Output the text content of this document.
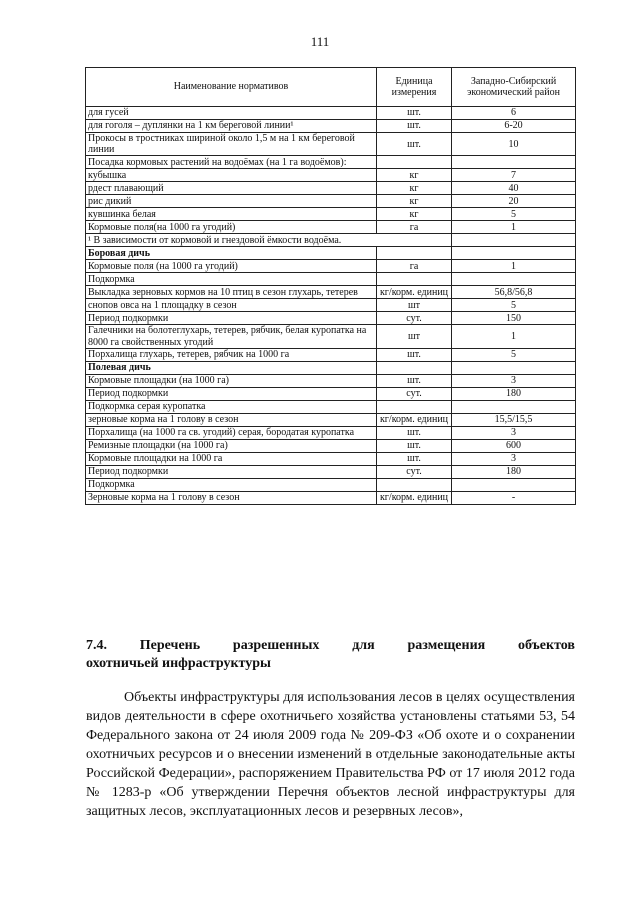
111
Наименование нормативов	Единица измерения	Западно-Сибирский экономический район
для гусей	шт.	6
для гоголя – дуплянки на 1 км береговой линии¹	шт.	6-20
Прокосы в тростниках шириной около 1,5 м на 1 км береговой линии	шт.	10
Посадка кормовых растений на водоёмах (на 1 га водоёмов):		
кубышка	кг	7
рдест плавающий	кг	40
рис дикий	кг	20
кувшинка белая	кг	5
Кормовые поля(на 1000 га угодий)	га	1
¹ В зависимости от кормовой и гнездовой ёмкости водоёма.		
Боровая дичь		
Кормовые поля (на 1000 га угодий)	га	1
Подкормка		
Выкладка зерновых кормов на 10 птиц в сезон глухарь, тетерев	кг/корм. единиц	56,8/56,8
снопов овса на 1 площадку в сезон	шт	5
Период подкормки	сут.	150
Галечники на болотеглухарь, тетерев, рябчик, белая куропатка на 8000 га свойственных угодий	шт	1
Порхалища глухарь, тетерев, рябчик на 1000 га	шт.	5
Полевая дичь		
Кормовые площадки (на 1000 га)	шт.	3
Период подкормки	сут.	180
Подкормка серая куропатка		
зерновые корма на 1 голову в сезон	кг/корм. единиц	15,5/15,5
Порхалища (на 1000 га св. угодий) серая, бородатая куропатка	шт.	3
Ремизные площадки (на 1000 га)	шт.	600
Кормовые площадки на 1000 га	шт.	3
Период подкормки	сут.	180
Подкормка		
Зерновые корма на 1 голову в сезон	кг/корм. единиц	-
7.4. Перечень разрешенных для размещения объектов
охотничьей инфраструктуры
Объекты инфраструктуры для использования лесов в целях осуществления видов деятельности в сфере охотничьего хозяйства установлены статьями 53, 54 Федерального закона от 24 июля 2009 года № 209-ФЗ «Об охоте и о сохранении охотничьих ресурсов и о внесении изменений в отдельные законодательные акты Российской Федерации», распоряжением Правительства РФ от 17 июля 2012 года № 1283-р «Об утверждении Перечня объектов лесной инфраструктуры для защитных лесов, эксплуатационных лесов и резервных лесов»,
